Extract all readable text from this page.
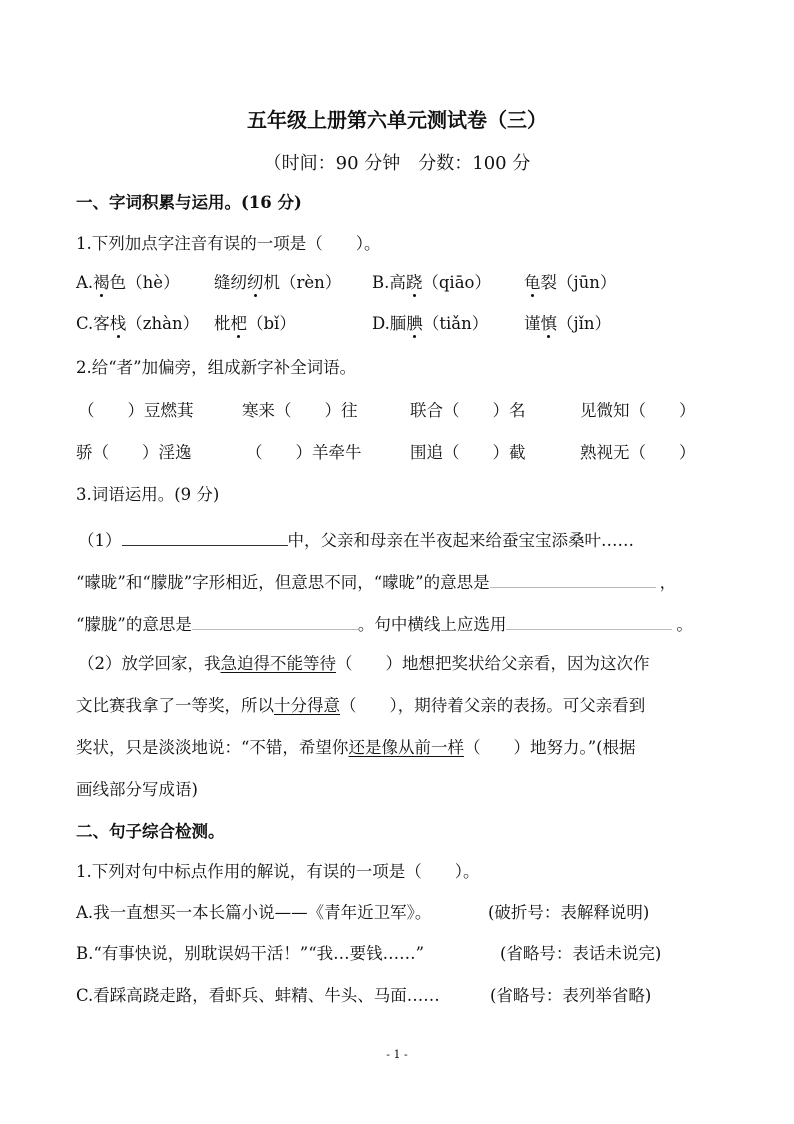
五年级上册第六单元测试卷（三）
（时间：90 分钟　分数：100 分
一、字词积累与运用。(16 分)
1.下列加点字注音有误的一项是（　　）。
A.褐色（hè） 缝纫纫机（rèn） B.高跷（qiāo） 龟裂（jūn）
C.客栈（zhàn） 枇杷（bǐ）	D.腼腆（tiǎn） 谨慎（jǐn）
2.给“者”加偏旁，组成新字补全词语。
（　　）豆燃萁	寒来（　　）往	联合（　　）名	见微知（　　）
骄（　　）淫逸	（　　）羊牵牛	围追（　　）截	熟视无（　　）
3.词语运用。(9 分)
（1）	中，父亲和母亲在半夜起来给蚕宝宝添桑叶……
“曚昽”和“朦胧”字形相近，但意思不同，“曚昽”的意思是	，
“朦胧”的意思是	。句中横线上应选用	。
（2）放学回家，我急迫得不能等待（　　）地想把奖状给父亲看，因为这次作
文比赛我拿了一等奖，所以十分得意（　　），期待着父亲的表扬。可父亲看到
奖状，只是淡淡地说：“不错，希望你还是像从前一样（　　）地努力。”(根据
画线部分写成语)
二、句子综合检测。
1.下列对句中标点作用的解说，有误的一项是（　　）。
A.我一直想买一本长篇小说——《青年近卫军》。	(破折号：表解释说明)
B.“有事快说，别耽误妈干活！”“我…要钱……”	(省略号：表话未说完)
C.看踩高跷走路，看虾兵、蚌精、牛头、马面……	(省略号：表列举省略)
- 1 -
